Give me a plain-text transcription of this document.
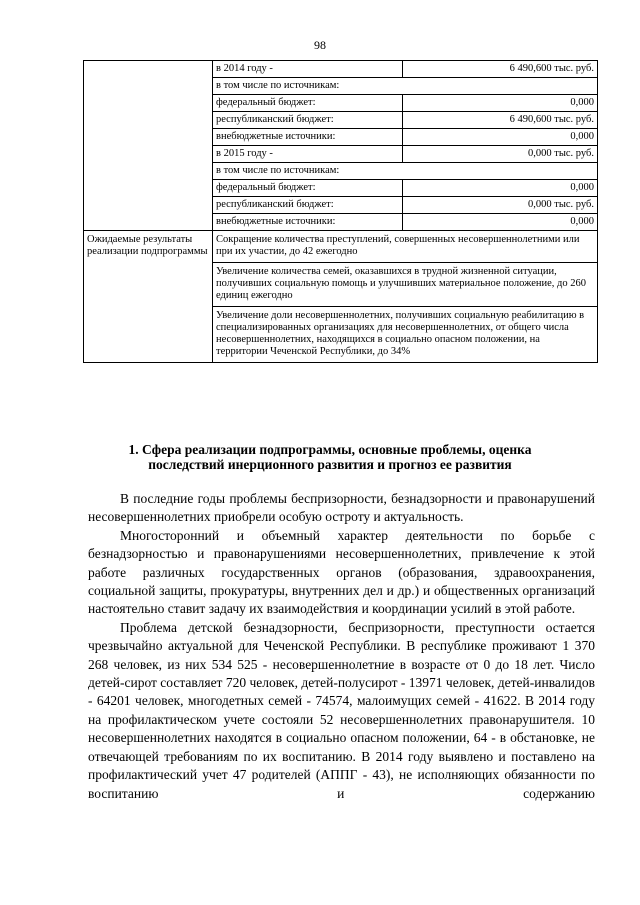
98
	в 2014 году -	6 490,600 тыс. руб.
	в том числе по источникам:	
	федеральный бюджет:	0,000
	республиканский бюджет:	6 490,600 тыс. руб.
	внебюджетные источники:	0,000
	в 2015 году -	0,000 тыс. руб.
	в том числе по источникам:	
	федеральный бюджет:	0,000
	республиканский бюджет:	0,000 тыс. руб.
	внебюджетные источники:	0,000
Ожидаемые результаты реализации подпрограммы	Сокращение количества преступлений, совершенных несовершеннолетними или при их участии, до 42 ежегодно	
	Увеличение количества семей, оказавшихся в трудной жизненной ситуации, получивших социальную помощь и улучшивших материальное положение, до 260 единиц ежегодно	
	Увеличение доли несовершеннолетних, получивших социальную реабилитацию в специализированных организациях для несовершеннолетних, от общего числа несовершеннолетних, находящихся в социально опасном положении, на территории Чеченской Республики, до 34%	
1. Сфера реализации подпрограммы, основные проблемы, оценка последствий инерционного развития и прогноз ее развития

В последние годы проблемы беспризорности, безнадзорности и правонарушений несовершеннолетних приобрели особую остроту и актуальность.

Многосторонний и объемный характер деятельности по борьбе с безнадзорностью и правонарушениями несовершеннолетних, привлечение к этой работе различных государственных органов (образования, здравоохранения, социальной защиты, прокуратуры, внутренних дел и др.) и общественных организаций настоятельно ставит задачу их взаимодействия и координации усилий в этой работе.

Проблема детской безнадзорности, беспризорности, преступности остается чрезвычайно актуальной для Чеченской Республики. В республике проживают 1 370 268 человек, из них 534 525 - несовершеннолетние в возрасте от 0 до 18 лет. Число детей-сирот составляет 720 человек, детей-полусирот - 13971 человек, детей-инвалидов - 64201 человек, многодетных семей - 74574, малоимущих семей - 41622. В 2014 году на профилактическом учете состояли 52 несовершеннолетних правонарушителя. 10 несовершеннолетних находятся в социально опасном положении, 64 - в обстановке, не отвечающей требованиям по их воспитанию. В 2014 году выявлено и поставлено на профилактический учет 47 родителей (АППГ - 43), не исполняющих обязанности по воспитанию и содержанию
